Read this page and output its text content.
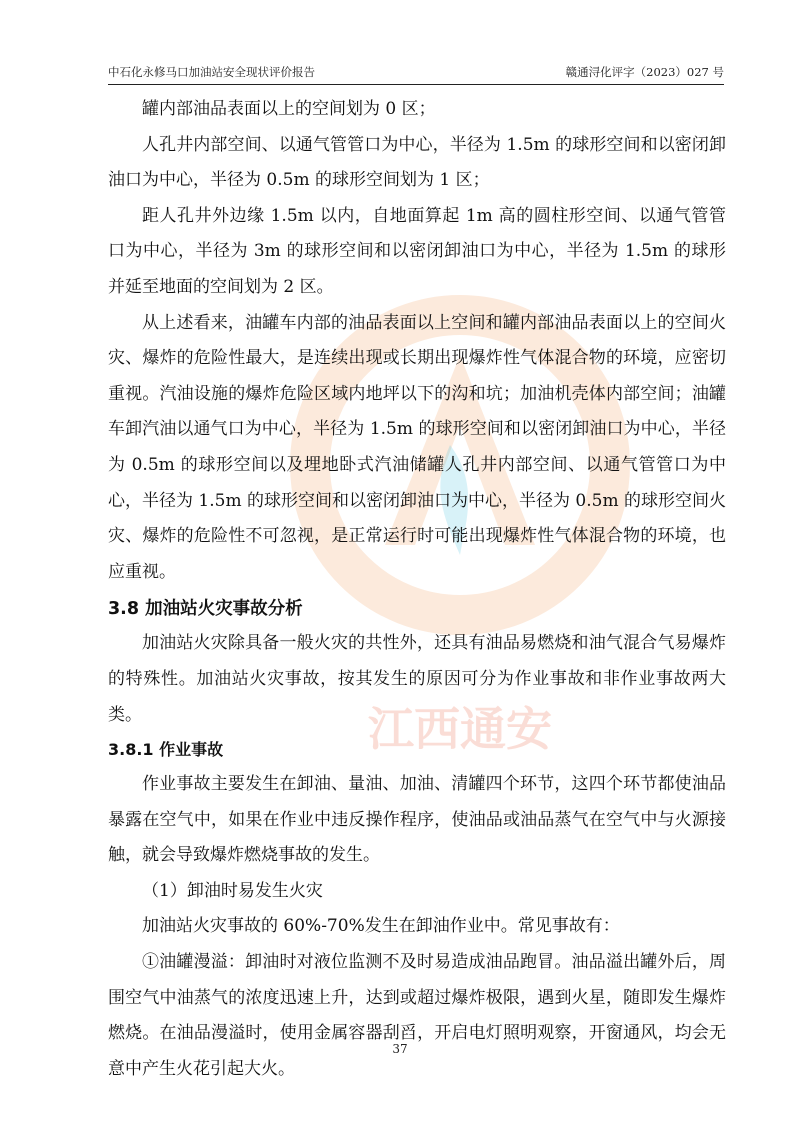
中石化永修马口加油站安全现状评价报告	赣通浔化评字（2023）027 号
江西通安

罐内部油品表面以上的空间划为 0 区；

人孔井内部空间、以通气管管口为中心，半径为 1.5m 的球形空间和以密闭卸油口为中心，半径为 0.5m 的球形空间划为 1 区；

距人孔井外边缘 1.5m 以内，自地面算起 1m 高的圆柱形空间、以通气管管口为中心，半径为 3m 的球形空间和以密闭卸油口为中心，半径为 1.5m 的球形并延至地面的空间划为 2 区。

从上述看来，油罐车内部的油品表面以上空间和罐内部油品表面以上的空间火灾、爆炸的危险性最大，是连续出现或长期出现爆炸性气体混合物的环境，应密切重视。汽油设施的爆炸危险区域内地坪以下的沟和坑；加油机壳体内部空间；油罐车卸汽油以通气口为中心，半径为 1.5m 的球形空间和以密闭卸油口为中心，半径为 0.5m 的球形空间以及埋地卧式汽油储罐人孔井内部空间、以通气管管口为中心，半径为 1.5m 的球形空间和以密闭卸油口为中心，半径为 0.5m 的球形空间火灾、爆炸的危险性不可忽视，是正常运行时可能出现爆炸性气体混合物的环境，也应重视。

3.8 加油站火灾事故分析

加油站火灾除具备一般火灾的共性外，还具有油品易燃烧和油气混合气易爆炸的特殊性。加油站火灾事故，按其发生的原因可分为作业事故和非作业事故两大类。

3.8.1 作业事故

作业事故主要发生在卸油、量油、加油、清罐四个环节，这四个环节都使油品暴露在空气中，如果在作业中违反操作程序，使油品或油品蒸气在空气中与火源接触，就会导致爆炸燃烧事故的发生。

（1）卸油时易发生火灾

加油站火灾事故的 60%-70%发生在卸油作业中。常见事故有：

①油罐漫溢：卸油时对液位监测不及时易造成油品跑冒。油品溢出罐外后，周围空气中油蒸气的浓度迅速上升，达到或超过爆炸极限，遇到火星，随即发生爆炸燃烧。在油品漫溢时，使用金属容器刮舀，开启电灯照明观察，开窗通风，均会无意中产生火花引起大火。

37
